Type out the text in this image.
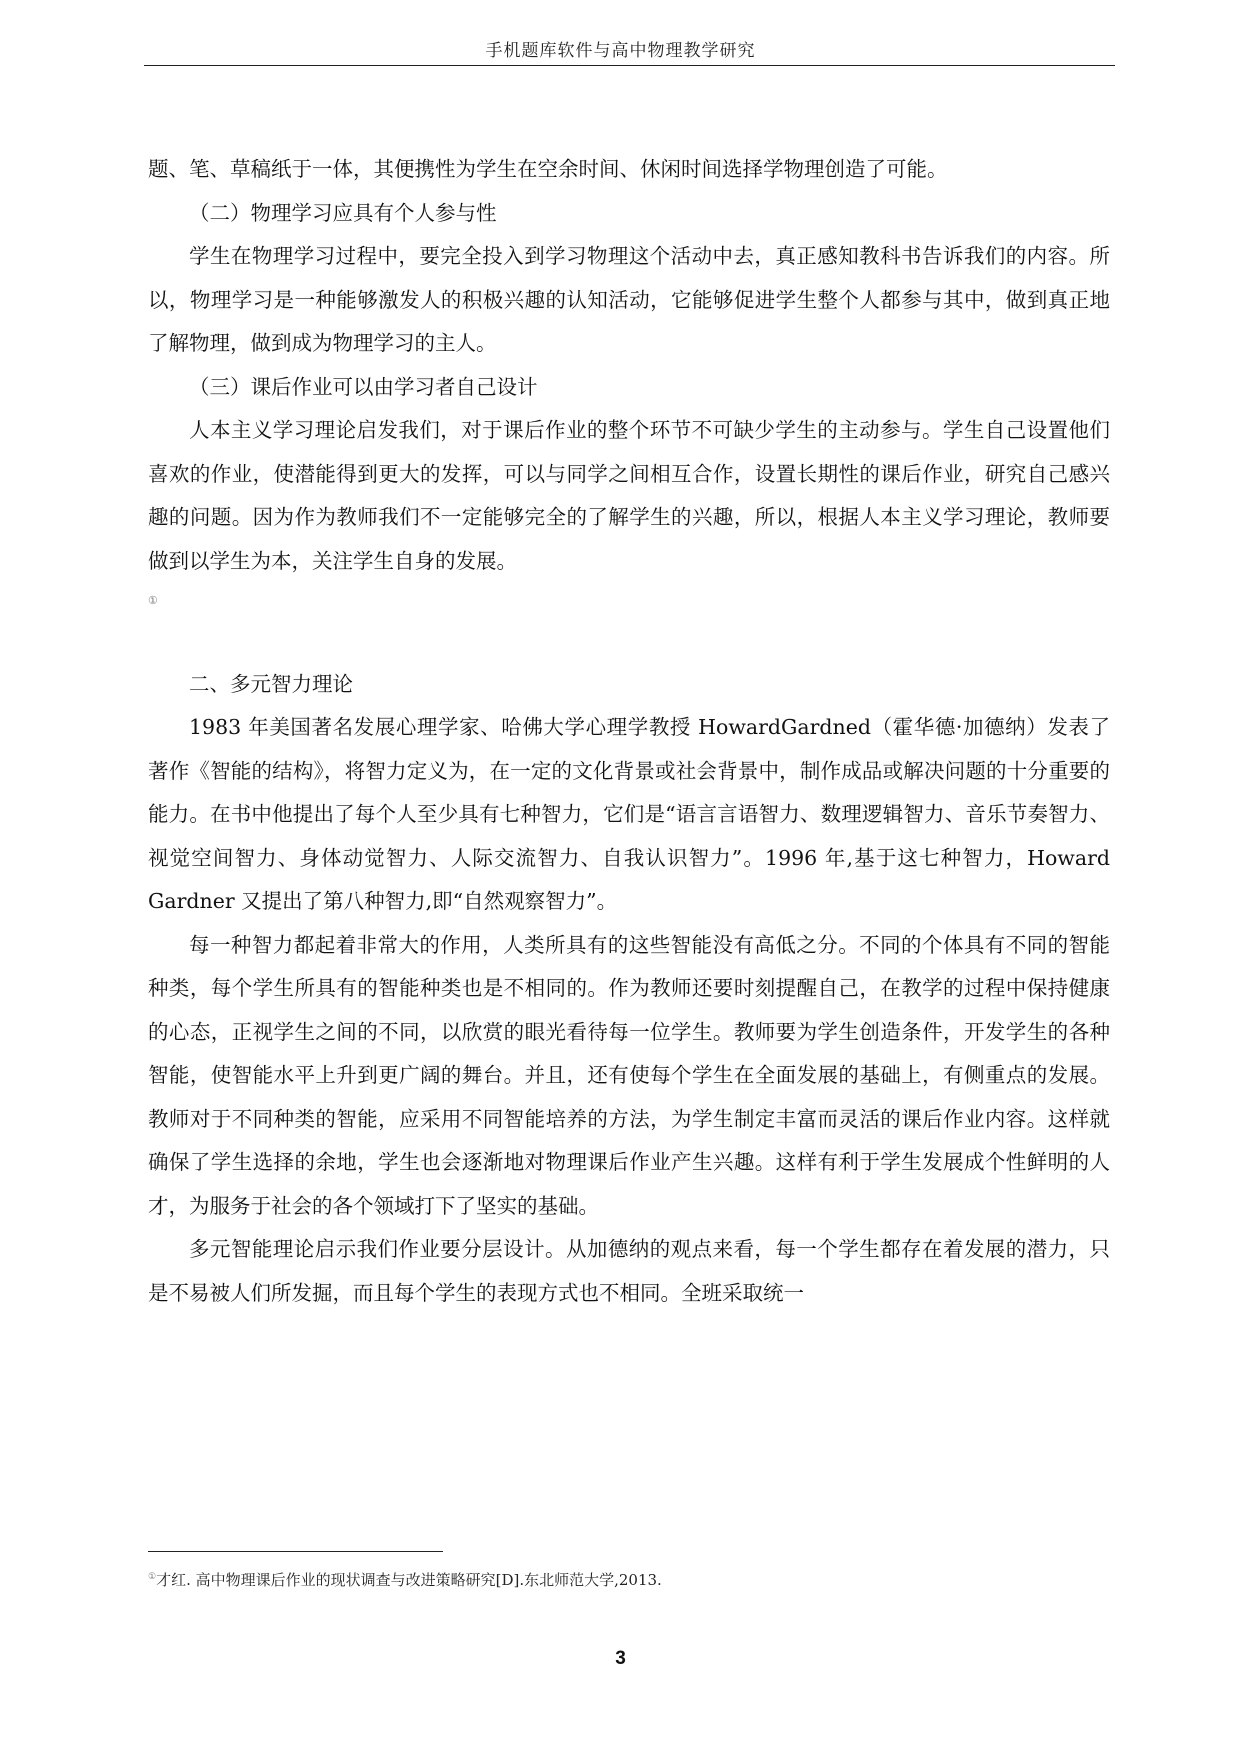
手机题库软件与高中物理教学研究

题、笔、草稿纸于一体，其便携性为学生在空余时间、休闲时间选择学物理创造了可能。

（二）物理学习应具有个人参与性

学生在物理学习过程中，要完全投入到学习物理这个活动中去，真正感知教科书告诉我们的内容。所以，物理学习是一种能够激发人的积极兴趣的认知活动，它能够促进学生整个人都参与其中，做到真正地了解物理，做到成为物理学习的主人。

（三）课后作业可以由学习者自己设计

人本主义学习理论启发我们，对于课后作业的整个环节不可缺少学生的主动参与。学生自己设置他们喜欢的作业，使潜能得到更大的发挥，可以与同学之间相互合作，设置长期性的课后作业，研究自己感兴趣的问题。因为作为教师我们不一定能够完全的了解学生的兴趣，所以，根据人本主义学习理论，教师要做到以学生为本，关注学生自身的发展。

①

二、多元智力理论

1983 年美国著名发展心理学家、哈佛大学心理学教授 HowardGardned（霍华德·加德纳）发表了著作《智能的结构》，将智力定义为，在一定的文化背景或社会背景中，制作成品或解决问题的十分重要的能力。在书中他提出了每个人至少具有七种智力，它们是“语言言语智力、数理逻辑智力、音乐节奏智力、视觉空间智力、身体动觉智力、人际交流智力、自我认识智力”。1996 年,基于这七种智力，Howard Gardner 又提出了第八种智力,即“自然观察智力”。

每一种智力都起着非常大的作用，人类所具有的这些智能没有高低之分。不同的个体具有不同的智能种类，每个学生所具有的智能种类也是不相同的。作为教师还要时刻提醒自己，在教学的过程中保持健康的心态，正视学生之间的不同，以欣赏的眼光看待每一位学生。教师要为学生创造条件，开发学生的各种智能，使智能水平上升到更广阔的舞台。并且，还有使每个学生在全面发展的基础上，有侧重点的发展。教师对于不同种类的智能，应采用不同智能培养的方法，为学生制定丰富而灵活的课后作业内容。这样就确保了学生选择的余地，学生也会逐渐地对物理课后作业产生兴趣。这样有利于学生发展成个性鲜明的人才，为服务于社会的各个领域打下了坚实的基础。

多元智能理论启示我们作业要分层设计。从加德纳的观点来看，每一个学生都存在着发展的潜力，只是不易被人们所发掘，而且每个学生的表现方式也不相同。全班采取统一

①才红. 高中物理课后作业的现状调查与改进策略研究[D].东北师范大学,2013.
3
